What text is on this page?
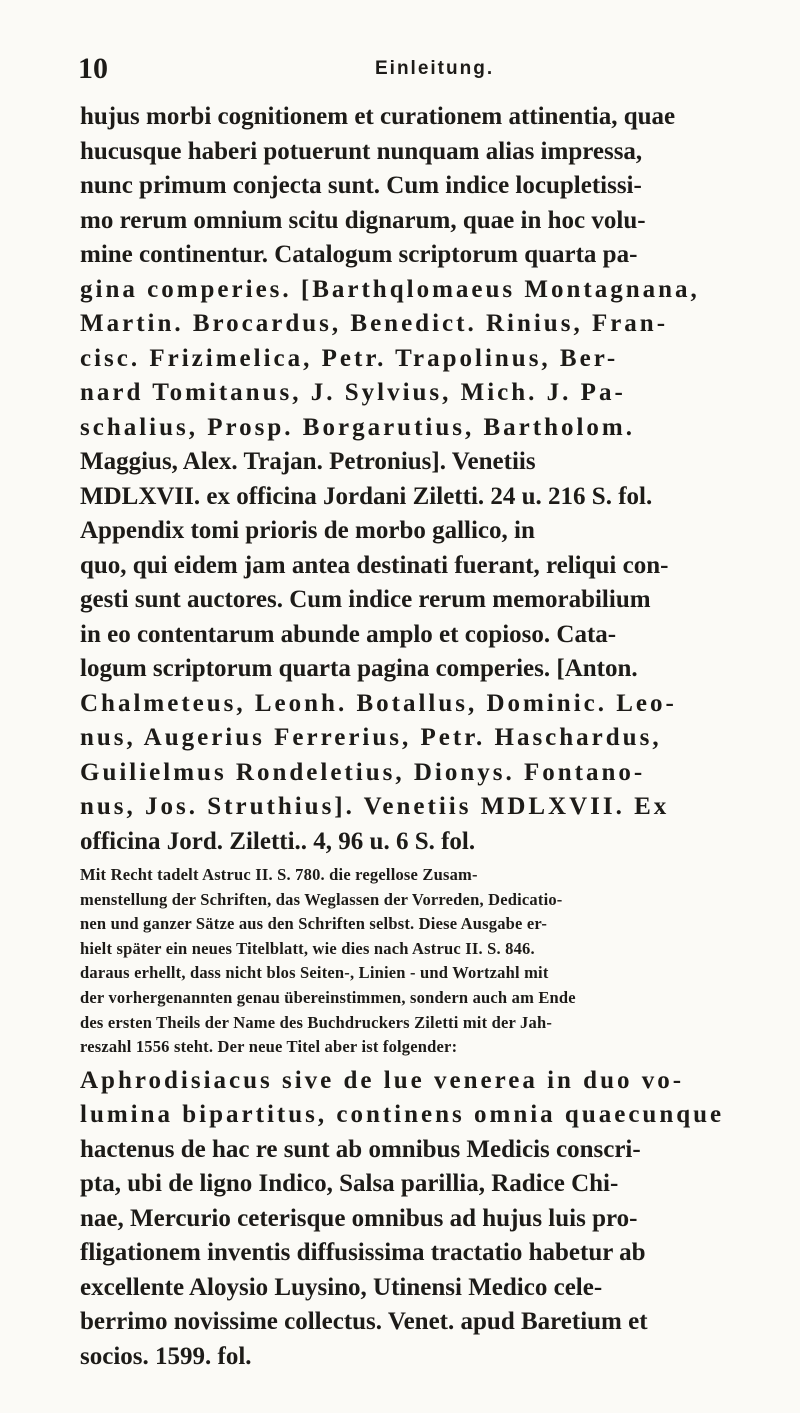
10	Einleitung.
hujus morbi cognitionem et curationem attinentia, quae
hucusque haberi potuerunt nunquam alias impressa,
nunc primum conjecta sunt. Cum indice locupletissi-
mo rerum omnium scitu dignarum, quae in hoc volu-
mine continentur. Catalogum scriptorum quarta pa-
gina comperies. [Barthqlomaeus Montagnana,
Martin. Brocardus, Benedict. Rinius, Fran-
cisc. Frizimelica, Petr. Trapolinus, Ber-
nard Tomitanus, J. Sylvius, Mich. J. Pa-
schalius, Prosp. Borgarutius, Bartholom.
Maggius, Alex. Trajan. Petronius]. Venetiis
MDLXVII. ex officina Jordani Ziletti. 24 u. 216 S. fol.
Appendix tomi prioris de morbo gallico, in
quo, qui eidem jam antea destinati fuerant, reliqui con-
gesti sunt auctores. Cum indice rerum memorabilium
in eo contentarum abunde amplo et copioso. Cata-
logum scriptorum quarta pagina comperies. [Anton.
Chalmeteus, Leonh. Botallus, Dominic. Leo-
nus, Augerius Ferrerius, Petr. Haschardus,
Guilielmus Rondeletius, Dionys. Fontano-
nus, Jos. Struthius]. Venetiis MDLXVII. Ex
officina Jord. Ziletti.. 4, 96 u. 6 S. fol.
Mit Recht tadelt Astruc II. S. 780. die regellose Zusam-
menstellung der Schriften, das Weglassen der Vorreden, Dedicatio-
nen und ganzer Sätze aus den Schriften selbst. Diese Ausgabe er-
hielt später ein neues Titelblatt, wie dies nach Astruc II. S. 846.
daraus erhellt, dass nicht blos Seiten-, Linien - und Wortzahl mit
der vorhergenannten genau übereinstimmen, sondern auch am Ende
des ersten Theils der Name des Buchdruckers Ziletti mit der Jah-
reszahl 1556 steht. Der neue Titel aber ist folgender:
Aphrodisiacus sive de lue venerea in duo vo-
lumina bipartitus, continens omnia quaecunque
hactenus de hac re sunt ab omnibus Medicis conscri-
pta, ubi de ligno Indico, Salsa parillia, Radice Chi-
nae, Mercurio ceterisque omnibus ad hujus luis pro-
fligationem inventis diffusissima tractatio habetur ab
excellente Aloysio Luysino, Utinensi Medico cele-
berrimo novissime collectus. Venet. apud Baretium et
socios. 1599. fol.
